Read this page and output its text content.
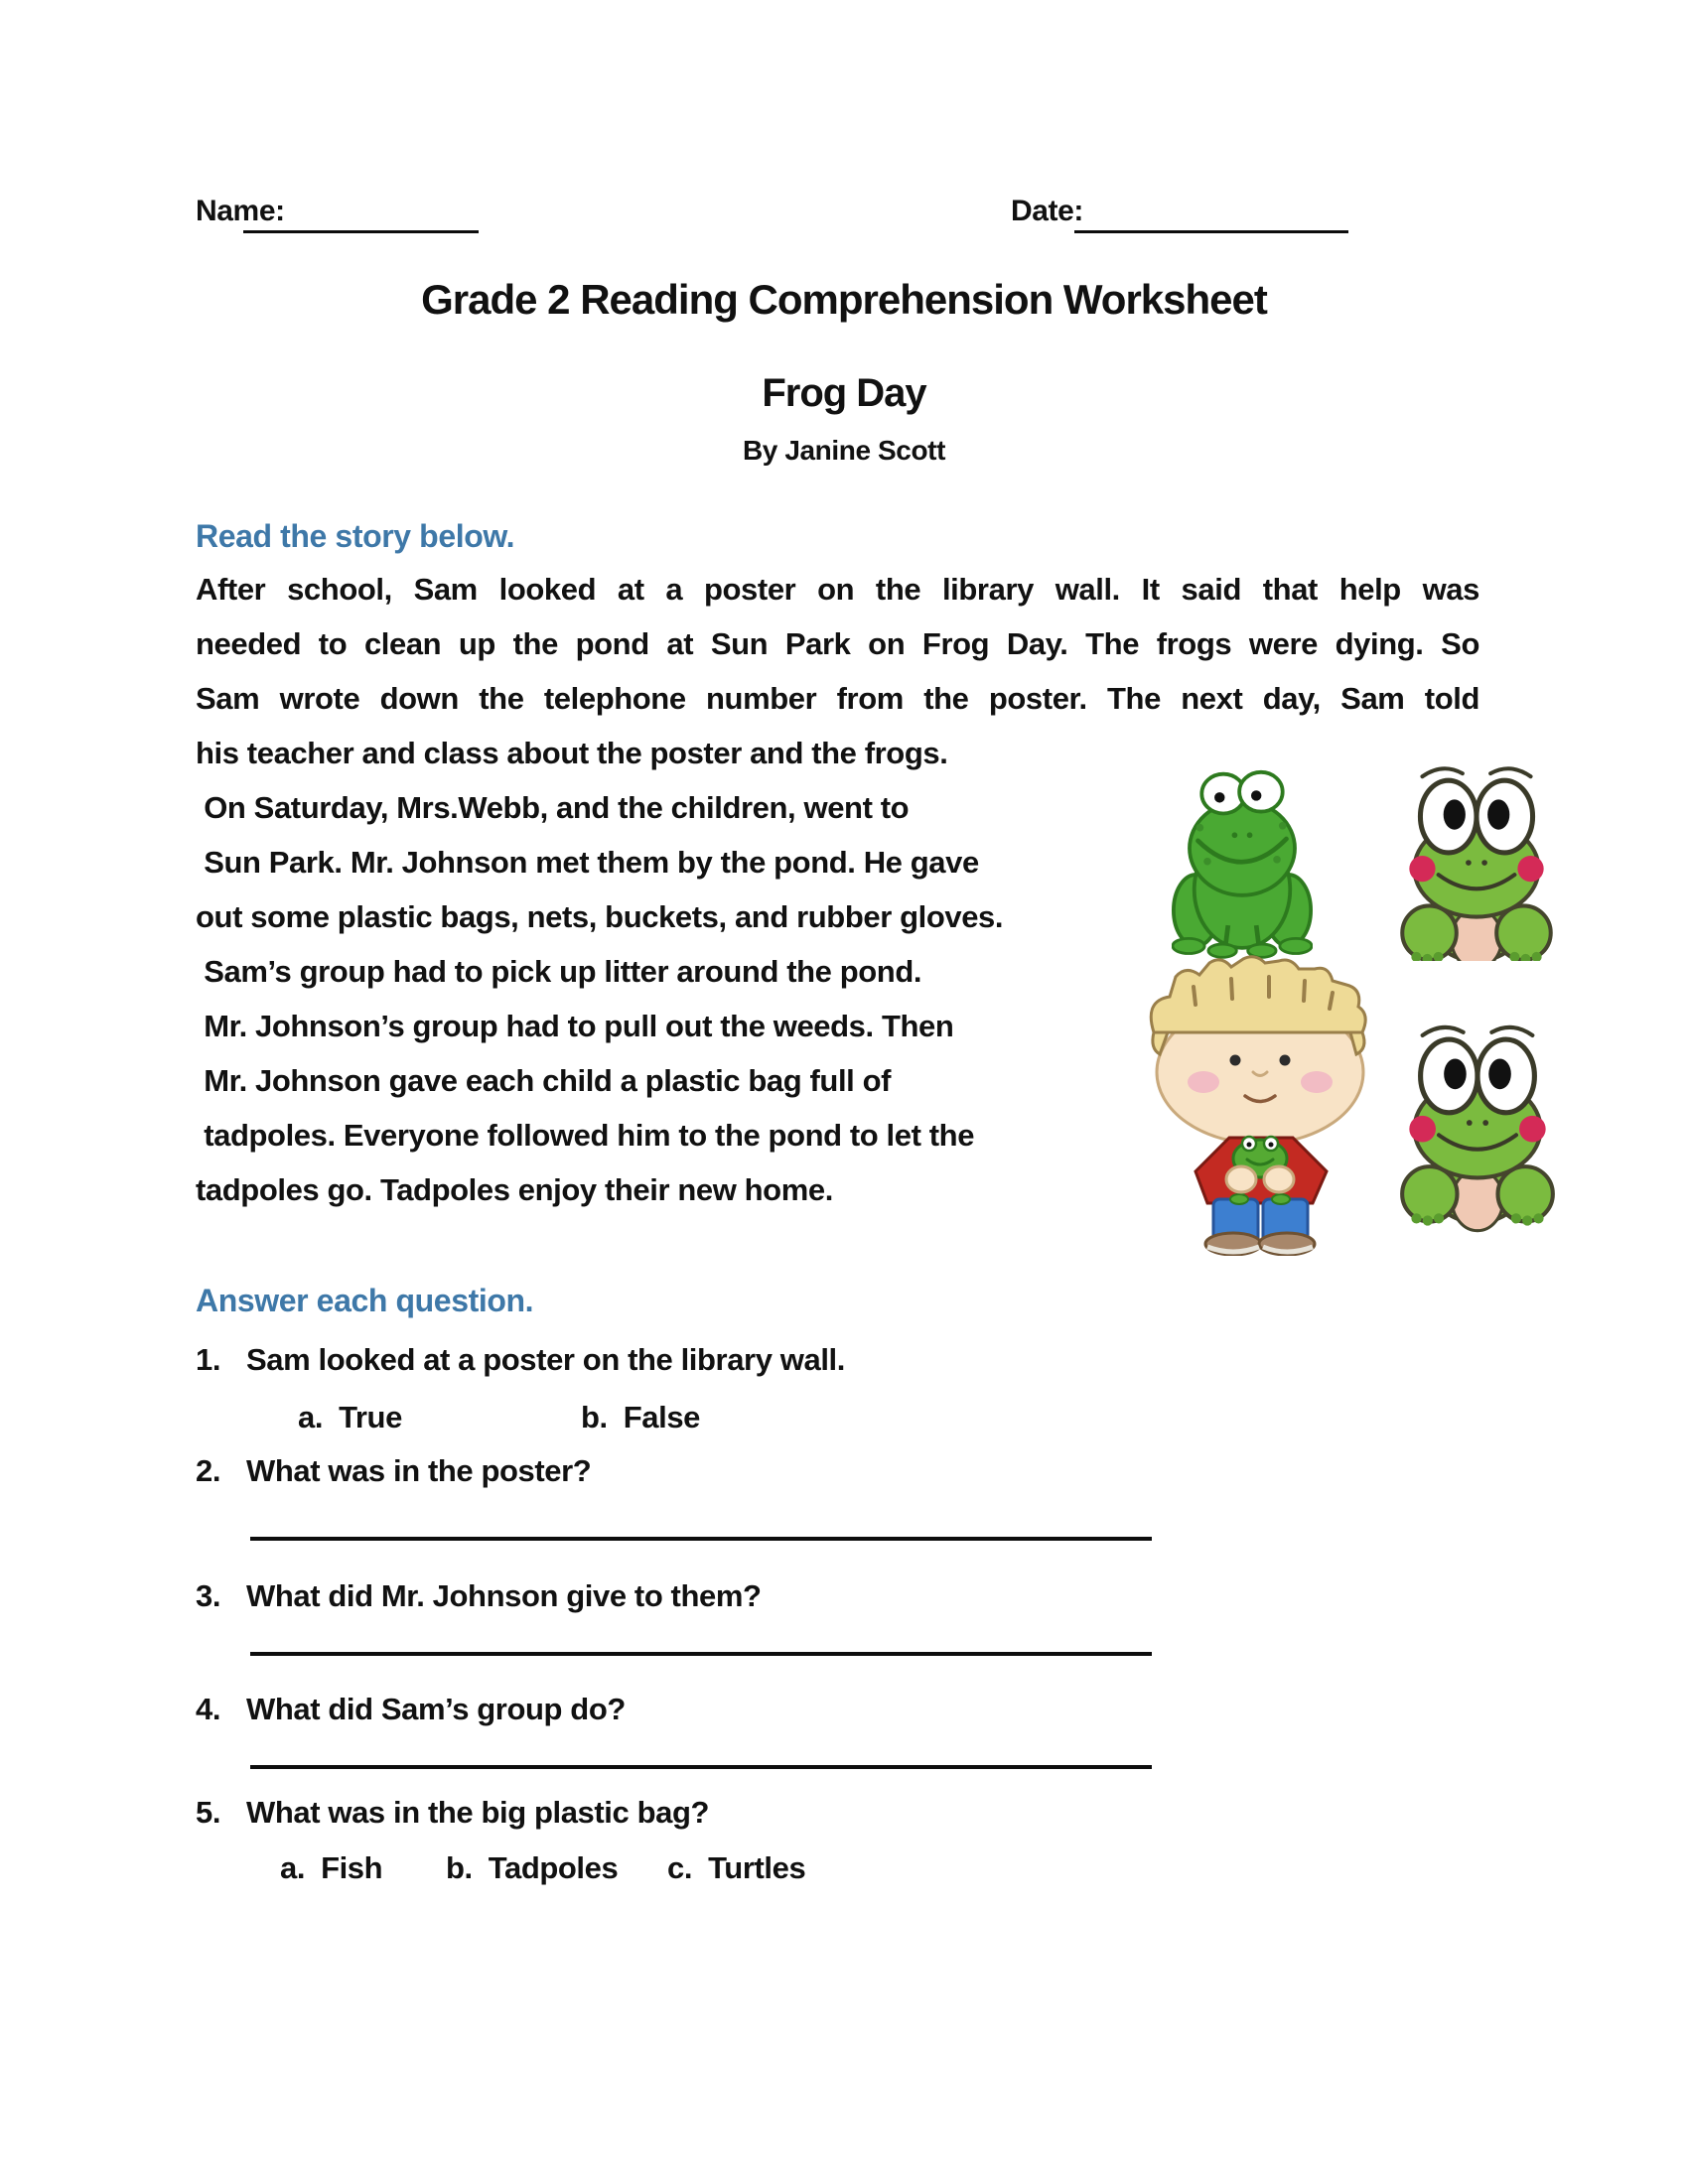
Name:	Date:
Grade 2 Reading Comprehension Worksheet
Frog Day
By Janine Scott
Read the story below.
After school, Sam looked at a poster on the library wall. It said that help was
needed to clean up the pond at Sun Park on Frog Day. The frogs were dying. So
Sam wrote down the telephone number from the poster. The next day, Sam told
his teacher and class about the poster and the frogs.
On Saturday, Mrs.Webb, and the children, went to
Sun Park. Mr. Johnson met them by the pond. He gave
out some plastic bags, nets, buckets, and rubber gloves.
Sam’s group had to pick up litter around the pond.
Mr. Johnson’s group had to pull out the weeds. Then
Mr. Johnson gave each child a plastic bag full of
tadpoles. Everyone followed him to the pond to let the
tadpoles go. Tadpoles enjoy their new home.
Answer each question.
1. Sam looked at a poster on the library wall.
a. True	b. False
2. What was in the poster?
3. What did Mr. Johnson give to them?
4. What did Sam’s group do?
5. What was in the big plastic bag?
a. Fish b. Tadpoles c. Turtles
